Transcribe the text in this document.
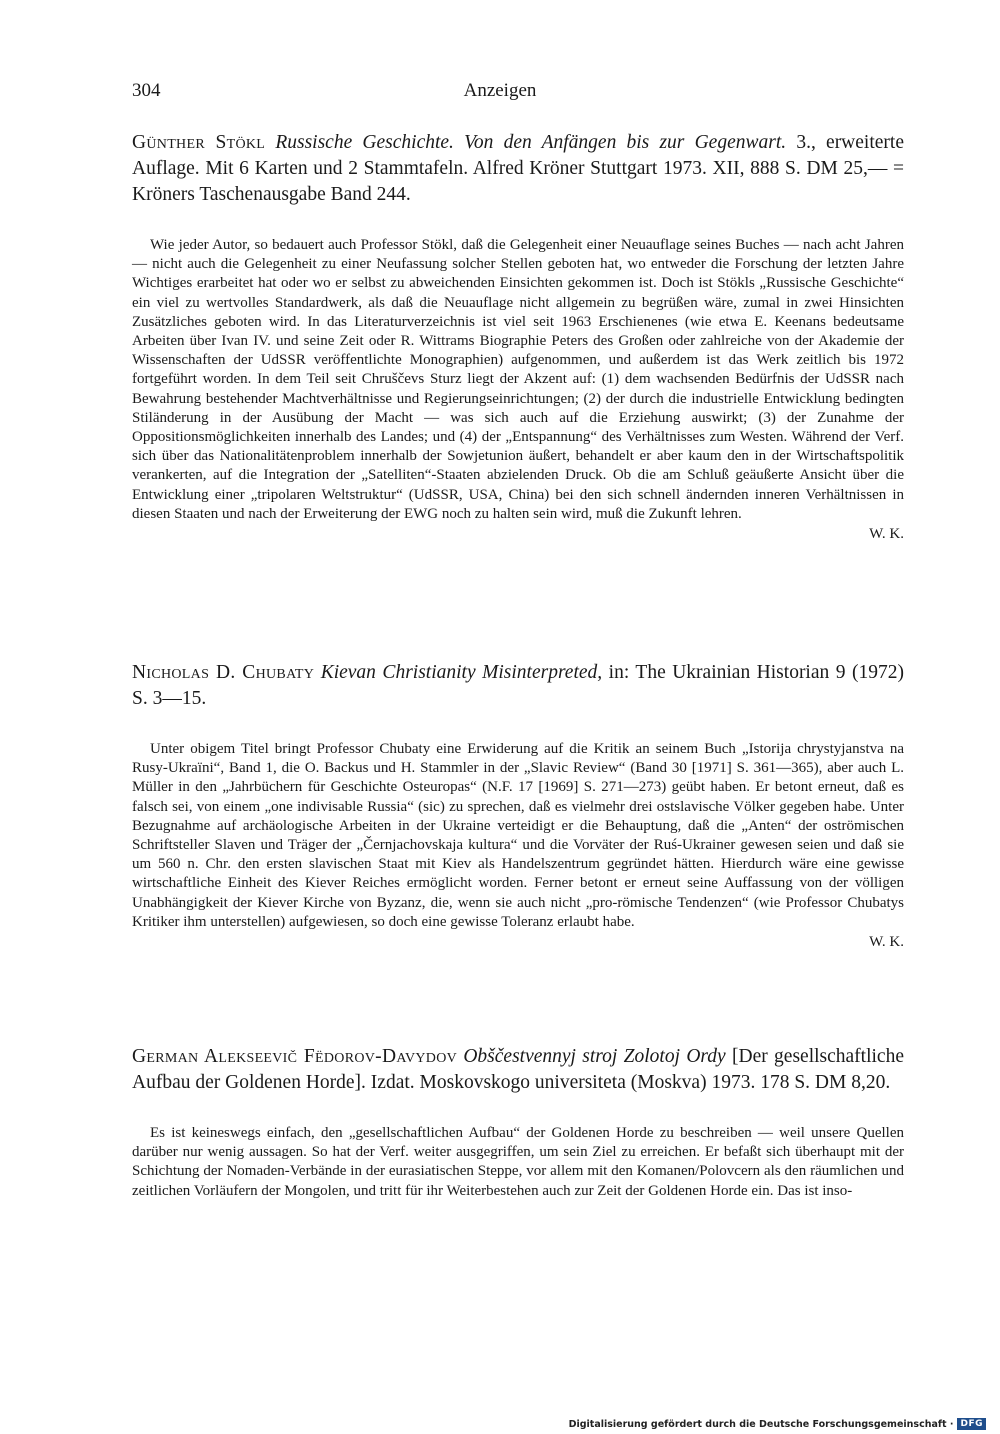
304	Anzeigen

Günther Stökl Russische Geschichte. Von den Anfängen bis zur Gegenwart. 3., erweiterte Auflage. Mit 6 Karten und 2 Stammtafeln. Alfred Kröner Stuttgart 1973. XII, 888 S. DM 25,— = Kröners Taschenausgabe Band 244.

Wie jeder Autor, so bedauert auch Professor Stökl, daß die Gelegenheit einer Neuauflage seines Buches — nach acht Jahren — nicht auch die Gelegenheit zu einer Neufassung solcher Stellen geboten hat, wo entweder die Forschung der letzten Jahre Wichtiges erarbeitet hat oder wo er selbst zu abweichenden Einsichten gekommen ist. Doch ist Stökls „Russische Geschichte“ ein viel zu wertvolles Standardwerk, als daß die Neuauflage nicht allgemein zu begrüßen wäre, zumal in zwei Hinsichten Zusätzliches geboten wird. In das Literaturverzeichnis ist viel seit 1963 Erschienenes (wie etwa E. Keenans bedeutsame Arbeiten über Ivan IV. und seine Zeit oder R. Wittrams Biographie Peters des Großen oder zahlreiche von der Akademie der Wissenschaften der UdSSR veröffentlichte Monographien) aufgenommen, und außerdem ist das Werk zeitlich bis 1972 fortgeführt worden. In dem Teil seit Chruščevs Sturz liegt der Akzent auf: (1) dem wachsenden Bedürfnis der UdSSR nach Bewahrung bestehender Machtverhältnisse und Regierungseinrichtungen; (2) der durch die industrielle Entwicklung bedingten Stiländerung in der Ausübung der Macht — was sich auch auf die Erziehung auswirkt; (3) der Zunahme der Oppositionsmöglichkeiten innerhalb des Landes; und (4) der „Entspannung“ des Verhältnisses zum Westen. Während der Verf. sich über das Nationalitätenproblem innerhalb der Sowjetunion äußert, behandelt er aber kaum den in der Wirtschaftspolitik verankerten, auf die Integration der „Satelliten“-Staaten abzielenden Druck. Ob die am Schluß geäußerte Ansicht über die Entwicklung einer „tripolaren Weltstruktur“ (UdSSR, USA, China) bei den sich schnell ändernden inneren Verhältnissen in diesen Staaten und nach der Erweiterung der EWG noch zu halten sein wird, muß die Zukunft lehren.

W. K.

Nicholas D. Chubaty Kievan Christianity Misinterpreted, in: The Ukrainian Historian 9 (1972) S. 3—15.

Unter obigem Titel bringt Professor Chubaty eine Erwiderung auf die Kritik an seinem Buch „Istorija chrystyjanstva na Rusy-Ukraïni“, Band 1, die O. Backus und H. Stammler in der „Slavic Review“ (Band 30 [1971] S. 361—365), aber auch L. Müller in den „Jahrbüchern für Geschichte Osteuropas“ (N.F. 17 [1969] S. 271—273) geübt haben. Er betont erneut, daß es falsch sei, von einem „one indivisable Russia“ (sic) zu sprechen, daß es vielmehr drei ostslavische Völker gegeben habe. Unter Bezugnahme auf archäologische Arbeiten in der Ukraine verteidigt er die Behauptung, daß die „Anten“ der oströmischen Schriftsteller Slaven und Träger der „Černjachovskaja kultura“ und die Vorväter der Ruś-Ukrainer gewesen seien und daß sie um 560 n. Chr. den ersten slavischen Staat mit Kiev als Handelszentrum gegründet hätten. Hierdurch wäre eine gewisse wirtschaftliche Einheit des Kiever Reiches ermöglicht worden. Ferner betont er erneut seine Auffassung von der völligen Unabhängigkeit der Kiever Kirche von Byzanz, die, wenn sie auch nicht „pro-römische Tendenzen“ (wie Professor Chubatys Kritiker ihm unterstellen) aufgewiesen, so doch eine gewisse Toleranz erlaubt habe.

W. K.

German Alekseevič Fëdorov-Davydov Obščestvennyj stroj Zolotoj Ordy [Der gesellschaftliche Aufbau der Goldenen Horde]. Izdat. Moskovskogo universiteta (Moskva) 1973. 178 S. DM 8,20.

Es ist keineswegs einfach, den „gesellschaftlichen Aufbau“ der Goldenen Horde zu beschreiben — weil unsere Quellen darüber nur wenig aussagen. So hat der Verf. weiter ausgegriffen, um sein Ziel zu erreichen. Er befaßt sich überhaupt mit der Schichtung der Nomaden-Verbände in der eurasiatischen Steppe, vor allem mit den Komanen/Polovcern als den räumlichen und zeitlichen Vorläufern der Mongolen, und tritt für ihr Weiterbestehen auch zur Zeit der Goldenen Horde ein. Das ist inso-

Digitalisierung gefördert durch die Deutsche Forschungsgemeinschaft · DFG
